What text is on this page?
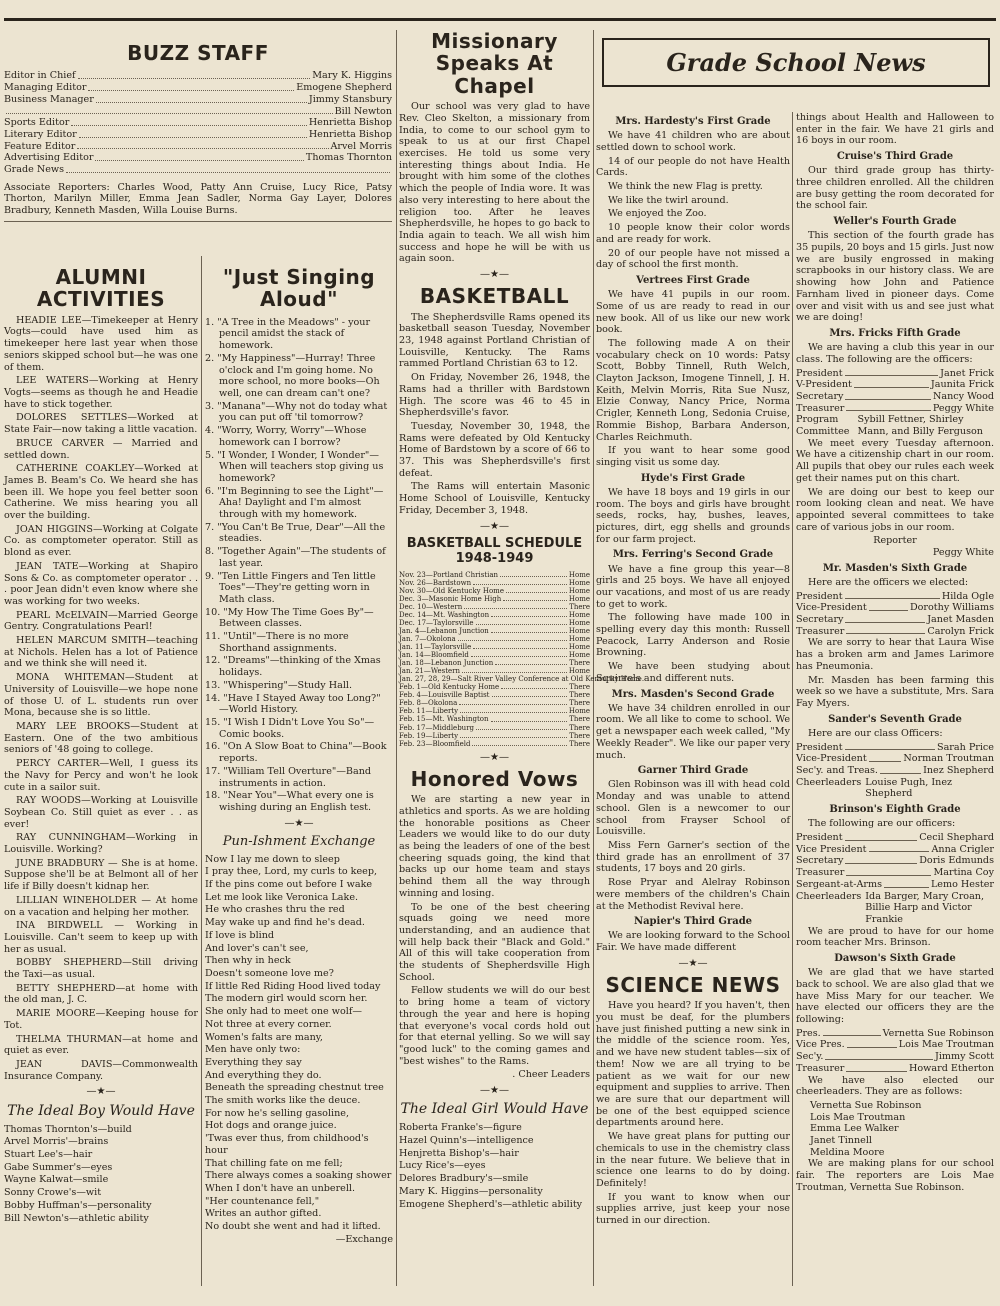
BUZZ STAFF
Editor in Chief	Mary K. Higgins
Managing Editor	Emogene Shepherd
Business Manager	Jimmy Stansbury
Bill Newton
Sports Editor	Henrietta Bishop
Literary Editor	Henrietta Bishop
Feature Editor	Arvel Morris
Advertising Editor	Thomas Thornton
Grade News

Associate Reporters: Charles Wood, Patty Ann Cruise, Lucy Rice, Patsy Thorton, Marilyn Miller, Emma Jean Sadler, Norma Gay Layer, Dolores Bradbury, Kenneth Masden, Willa Louise Burns.

ALUMNI ACTIVITIES

HEADIE LEE—Timekeeper at Henry Vogts—could have used him as timekeeper here last year when those seniors skipped school but—he was one of them.

LEE WATERS—Working at Henry Vogts—seems as though he and Headie have to stick together.

DOLORES SETTLES—Worked at State Fair—now taking a little vacation.

BRUCE CARVER — Married and settled down.

CATHERINE COAKLEY—Worked at James B. Beam's Co. We heard she has been ill. We hope you feel better soon Catherine. We miss hearing you all over the building.

JOAN HIGGINS—Working at Colgate Co. as comptometer operator. Still as blond as ever.

JEAN TATE—Working at Shapiro Sons & Co. as comptometer operator . . . poor Jean didn't even know where she was working for two weeks.

PEARL McELVAIN—Married George Gentry. Congratulations Pearl!

HELEN MARCUM SMITH—teaching at Nichols. Helen has a lot of Patience and we think she will need it.

MONA WHITEMAN—Student at University of Louisville—we hope none of those U. of L. students run over Mona, because she is so little.

MARY LEE BROOKS—Student at Eastern. One of the two ambitious seniors of '48 going to college.

PERCY CARTER—Well, I guess its the Navy for Percy and won't he look cute in a sailor suit.

RAY WOODS—Working at Louisville Soybean Co. Still quiet as ever . . as ever!

RAY CUNNINGHAM—Working in Louisville. Working?

JUNE BRADBURY — She is at home. Suppose she'll be at Belmont all of her life if Billy doesn't kidnap her.

LILLIAN WINEHOLDER — At home on a vacation and helping her mother.

INA BIRDWELL — Working in Louisville. Can't seem to keep up with her as usual.

BOBBY SHEPHERD—Still driving the Taxi—as usual.

BETTY SHEPHERD—at home with the old man, J. C.

MARIE MOORE—Keeping house for Tot.

THELMA THURMAN—at home and quiet as ever.

JEAN DAVIS—Commonwealth Insurance Company.

—★—
The Ideal Boy Would Have
Thomas Thornton's—build
Arvel Morris'—brains
Stuart Lee's—hair
Gabe Summer's—eyes
Wayne Kalwat—smile
Sonny Crowe's—wit
Bobby Huffman's—personality
Bill Newton's—athletic ability
"Just Singing Aloud"
1. "A Tree in the Meadows" - your pencil amidst the stack of homework.
2. "My Happiness"—Hurray! Three o'clock and I'm going home. No more school, no more books—Oh well, one can dream can't one?
3. "Manana"—Why not do today what you can put off 'til tomorrow?
4. "Worry, Worry, Worry"—Whose homework can I borrow?
5. "I Wonder, I Wonder, I Wonder"—When will teachers stop giving us homework?
6. "I'm Beginning to see the Light"—Aha! Daylight and I'm almost through with my homework.
7. "You Can't Be True, Dear"—All the steadies.
8. "Together Again"—The students of last year.
9. "Ten Little Fingers and Ten little Toes"—They're getting worn in Math class.
10. "My How The Time Goes By"—Between classes.
11. "Until"—There is no more Shorthand assignments.
12. "Dreams"—thinking of the Xmas holidays.
13. "Whispering"—Study Hall.
14. "Have I Stayed Away too Long?" —World History.
15. "I Wish I Didn't Love You So"—Comic books.
16. "On A Slow Boat to China"—Book reports.
17. "William Tell Overture"—Band instruments in action.
18. "Near You"—What every one is wishing during an English test.
—★—
Pun-Ishment Exchange
Now I lay me down to sleep
I pray thee, Lord, my curls to keep,
If the pins come out before I wake
Let me look like Veronica Lake.
He who crashes thru the red
May wake up and find he's dead.
If love is blind
And lover's can't see,
Then why in heck
Doesn't someone love me?
If little Red Riding Hood lived today
The modern girl would scorn her.
She only had to meet one wolf—
Not three at every corner.
Women's falts are many,
Men have only two:
Everything they say
And everything they do.
Beneath the spreading chestnut tree
The smith works like the deuce.
For now he's selling gasoline,
Hot dogs and orange juice.
'Twas ever thus, from childhood's hour
That chilling fate on me fell;
There always comes a soaking shower
When I don't have an unberell.
"Her countenance fell,"
Writes an author gifted.
No doubt she went and had it lifted.
—Exchange
Missionary Speaks At Chapel

Our school was very glad to have Rev. Cleo Skelton, a missionary from India, to come to our school gym to speak to us at our first Chapel exercises. He told us some very interesting things about India. He brought with him some of the clothes which the people of India wore. It was also very interesting to here about the religion too. After he leaves Shepherdsville, he hopes to go back to India again to teach. We all wish him success and hope he will be with us again soon.

—★—
BASKETBALL

The Shepherdsville Rams opened its basketball season Tuesday, November 23, 1948 against Portland Christian of Louisville, Kentucky. The Rams rammed Portland Christian 63 to 12.

On Friday, November 26, 1948, the Rams had a thriller with Bardstown High. The score was 46 to 45 in Shepherdsville's favor.

Tuesday, November 30, 1948, the Rams were defeated by Old Kentucky Home of Bardstown by a score of 66 to 37. This was Shepherdsville's first defeat.

The Rams will entertain Masonic Home School of Louisville, Kentucky Friday, December 3, 1948.

—★—
BASKETBALL SCHEDULE 1948-1949
Nov. 23—Portland Christian	Home
Nov. 26—Bardstown	Home
Nov. 30—Old Kentucky Home	Home
Dec. 3—Masonic Home High	Home
Dec. 10—Western	There
Dec. 14—Mt. Washington	Home
Dec. 17—Taylorsville	Home
Jan. 4—Lebanon Junction	Home
Jan. 7—Okolona	Home
Jan. 11—Taylorsville	Home
Jan. 14—Bloomfield	Home
Jan. 18—Lebanon Junction	There
Jan. 21—Western	Home
Jan. 27, 28, 29—Salt River Valley Conference at Old Kentucky Home.
Feb. 1—Old Kentucky Home	There
Feb. 4—Louisville Baptist	There
Feb. 8—Okolona	There
Feb. 11—Liberty	Home
Feb. 15—Mt. Washington	There
Feb. 17—Middleburg	There
Feb. 19—Liberty	There
Feb. 23—Bloomfield	There
—★—
Honored Vows

We are starting a new year in athletics and sports. As we are holding the honorable positions as Cheer Leaders we would like to do our duty as being the leaders of one of the best cheering squads going, the kind that backs up our home team and stays behind them all the way through winning and losing.

To be one of the best cheering squads going we need more understanding, and an audience that will help back their "Black and Gold." All of this will take cooperation from the students of Shepherdsville High School.

Fellow students we will do our best to bring home a team of victory through the year and here is hoping that everyone's vocal cords hold out for that eternal yelling. So we will say "good luck" to the coming games and "best wishes" to the Rams.

. Cheer Leaders
—★—
The Ideal Girl Would Have
Roberta Franke's—figure
Hazel Quinn's—intelligence
Henjretta Bishop's—hair
Lucy Rice's—eyes
Delores Bradbury's—smile
Mary K. Higgins—personality
Emogene Shepherd's—athletic ability
Grade School News
Mrs. Hardesty's First Grade

We have 41 children who are about settled down to school work.

14 of our people do not have Health Cards.

We think the new Flag is pretty.

We like the twirl around.

We enjoyed the Zoo.

10 people know their color words and are ready for work.

20 of our people have not missed a day of school the first month.

Vertrees First Grade

We have 41 pupils in our room. Some of us are ready to read in our new book. All of us like our new work book.

The following made A on their vocabulary check on 10 words: Patsy Scott, Bobby Tinnell, Ruth Welch, Clayton Jackson, Imogene Tinnell, J. H. Keith, Melvin Morris, Rita Sue Nusz, Elzie Conway, Nancy Price, Norma Crigler, Kenneth Long, Sedonia Cruise, Rommie Bishop, Barbara Anderson, Charles Reichmuth.

If you want to hear some good singing visit us some day.

Hyde's First Grade

We have 18 boys and 19 girls in our room. The boys and girls have brought seeds, rocks, hay, bushes, leaves, pictures, dirt, egg shells and grounds for our farm project.

Mrs. Ferring's Second Grade

We have a fine group this year—8 girls and 25 boys. We have all enjoyed our vacations, and most of us are ready to get to work.

The following have made 100 in spelling every day this month: Russell Peacock, Larry Anderson and Rosie Browning.

We have been studying about Squirrels and different nuts.

Mrs. Masden's Second Grade

We have 34 children enrolled in our room. We all like to come to school. We get a newspaper each week called, "My Weekly Reader". We like our paper very much.

Garner Third Grade

Glen Robinson was ill with head cold Monday and was unable to attend school. Glen is a newcomer to our school from Frayser School of Louisville.

Miss Fern Garner's section of the third grade has an enrollment of 37 students, 17 boys and 20 girls.

Rose Pryar and Alelray Robinson were members of the children's Chain at the Methodist Revival here.

Napier's Third Grade

We are looking forward to the School Fair. We have made different

—★—
SCIENCE NEWS

Have you heard? If you haven't, then you must be deaf, for the plumbers have just finished putting a new sink in the middle of the science room. Yes, and we have new student tables—six of them! Now we are all trying to be patient as we wait for our new equipment and supplies to arrive. Then we are sure that our department will be one of the best equipped science departments around here.

We have great plans for putting our chemicals to use in the chemistry class in the near future. We believe that in science one learns to do by doing. Definitely!

If you want to know when our supplies arrive, just keep your nose turned in our direction.

things about Health and Halloween to enter in the fair. We have 21 girls and 16 boys in our room.

Cruise's Third Grade

Our third grade group has thirty-three children enrolled. All the children are busy getting the room decorated for the school fair.

Weller's Fourth Grade

This section of the fourth grade has 35 pupils, 20 boys and 15 girls. Just now we are busily engrossed in making scrapbooks in our history class. We are showing how John and Patience Farnham lived in pioneer days. Come over and visit with us and see just what we are doing!

Mrs. Fricks Fifth Grade

We are having a club this year in our class. The following are the officers:

President	Janet Frick
V-President	Jaunita Frick
Secretary	Nancy Wood
Treasurer	Peggy White
Program Committee
Sybill Fettner, Shirley Mann, and Billy Ferguson

We meet every Tuesday afternoon. We have a citizenship chart in our room. All pupils that obey our rules each week get their names put on this chart.

We are doing our best to keep our room looking clean and neat. We have appointed several committees to take care of various jobs in our room.

Reporter
Peggy White
Mr. Masden's Sixth Grade

Here are the officers we elected:

President	Hilda Ogle
Vice-President	Dorothy Williams
Secretary	Janet Masden
Treasurer	Carolyn Frick

We are sorry to hear that Laura Wise has a broken arm and James Larimore has Pneumonia.

Mr. Masden has been farming this week so we have a substitute, Mrs. Sara Fay Myers.

Sander's Seventh Grade

Here are our class Officers:

President	Sarah Price
Vice-President	Norman Troutman
Sec'y. and Treas.	Inez Shepherd
Cheerleaders Louise Pugh, Inez Shepherd
Brinson's Eighth Grade

The following are our officers:

President	Cecil Shephard
Vice President	Anna Crigler
Secretary	Doris Edmunds
Treasurer	Martina Coy
Sergeant-at-Arms	Lemo Hester
Cheerleaders Ida Barger, Mary Croan, Billie Harp and Victor Frankie

We are proud to have for our home room teacher Mrs. Brinson.

Dawson's Sixth Grade

We are glad that we have started back to school. We are also glad that we have Miss Mary for our teacher. We have elected our officers they are the following:

Pres.	Vernetta Sue Robinson
Vice Pres.	Lois Mae Troutman
Sec'y.	Jimmy Scott
Treasurer	Howard Etherton

We have also elected our cheerleaders. They are as follows:

Vernetta Sue Robinson
Lois Mae Troutman
Emma Lee Walker
Janet Tinnell
Meldina Moore

We are making plans for our school fair. The reporters are Lois Mae Troutman, Vernetta Sue Robinson.
